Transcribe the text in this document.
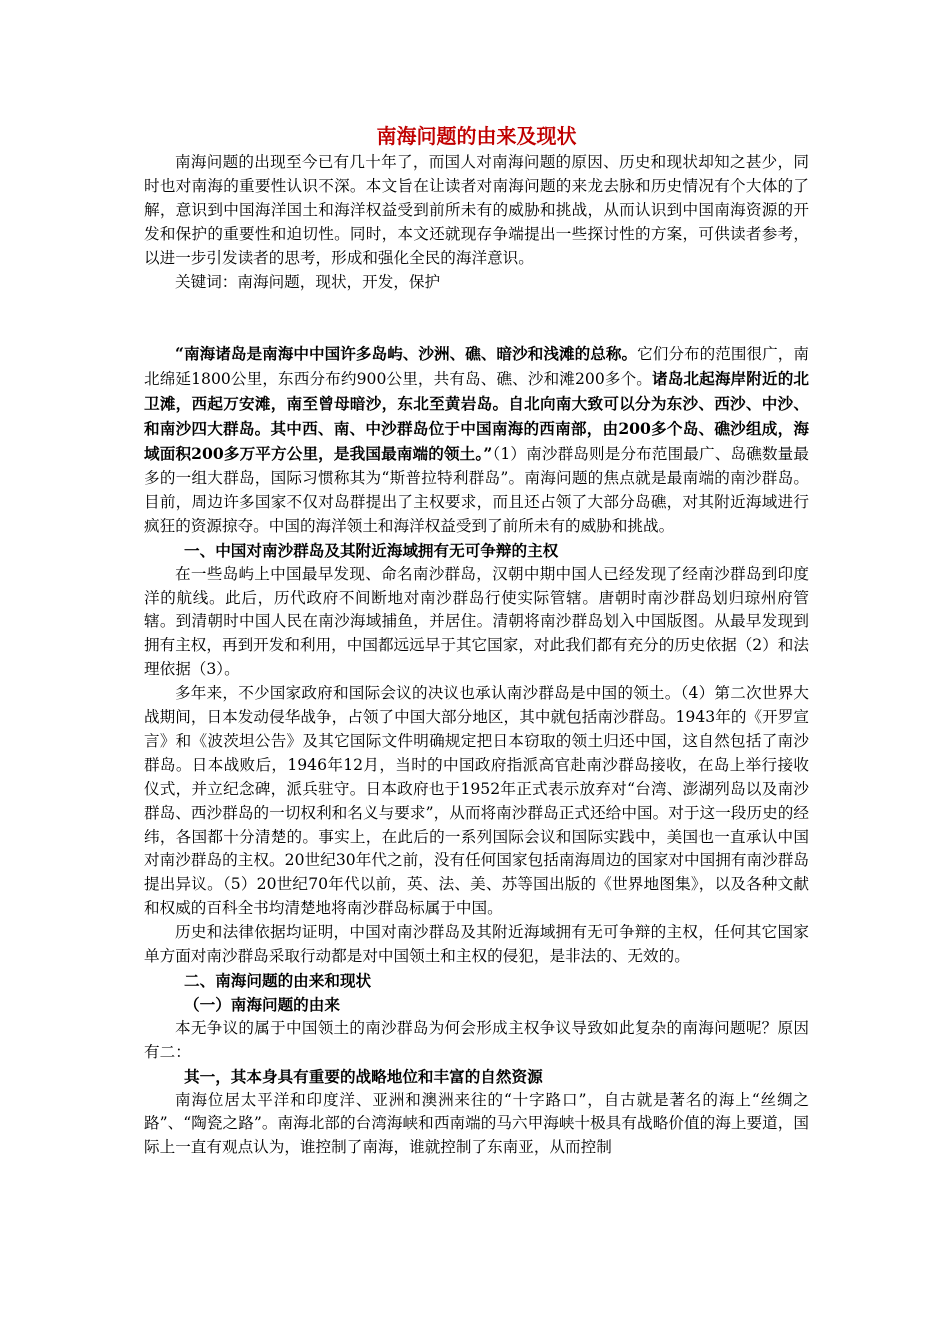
南海问题的由来及现状

南海问题的出现至今已有几十年了，而国人对南海问题的原因、历史和现状却知之甚少，同时也对南海的重要性认识不深。本文旨在让读者对南海问题的来龙去脉和历史情况有个大体的了解，意识到中国海洋国土和海洋权益受到前所未有的威胁和挑战，从而认识到中国南海资源的开发和保护的重要性和迫切性。同时，本文还就现存争端提出一些探讨性的方案，可供读者参考，以进一步引发读者的思考，形成和强化全民的海洋意识。

关键词：南海问题，现状，开发，保护

“南海诸岛是南海中中国许多岛屿、沙洲、礁、暗沙和浅滩的总称。它们分布的范围很广，南北绵延1800公里，东西分布约900公里，共有岛、礁、沙和滩200多个。诸岛北起海岸附近的北卫滩，西起万安滩，南至曾母暗沙，东北至黄岩岛。自北向南大致可以分为东沙、西沙、中沙、和南沙四大群岛。其中西、南、中沙群岛位于中国南海的西南部，由200多个岛、礁沙组成，海域面积200多万平方公里，是我国最南端的领土。”（1）南沙群岛则是分布范围最广、岛礁数量最多的一组大群岛，国际习惯称其为“斯普拉特利群岛”。南海问题的焦点就是最南端的南沙群岛。目前，周边许多国家不仅对岛群提出了主权要求，而且还占领了大部分岛礁，对其附近海域进行疯狂的资源掠夺。中国的海洋领土和海洋权益受到了前所未有的威胁和挑战。

一、中国对南沙群岛及其附近海域拥有无可争辩的主权

在一些岛屿上中国最早发现、命名南沙群岛，汉朝中期中国人已经发现了经南沙群岛到印度洋的航线。此后，历代政府不间断地对南沙群岛行使实际管辖。唐朝时南沙群岛划归琼州府管辖。到清朝时中国人民在南沙海域捕鱼，并居住。清朝将南沙群岛划入中国版图。从最早发现到拥有主权，再到开发和利用，中国都远远早于其它国家，对此我们都有充分的历史依据（2）和法理依据（3）。

多年来，不少国家政府和国际会议的决议也承认南沙群岛是中国的领土。（4）第二次世界大战期间，日本发动侵华战争，占领了中国大部分地区，其中就包括南沙群岛。1943年的《开罗宣言》和《波茨坦公告》及其它国际文件明确规定把日本窃取的领土归还中国，这自然包括了南沙群岛。日本战败后，1946年12月，当时的中国政府指派高官赴南沙群岛接收，在岛上举行接收仪式，并立纪念碑，派兵驻守。日本政府也于1952年正式表示放弃对“台湾、澎湖列岛以及南沙群岛、西沙群岛的一切权利和名义与要求”，从而将南沙群岛正式还给中国。对于这一段历史的经纬，各国都十分清楚的。事实上，在此后的一系列国际会议和国际实践中，美国也一直承认中国对南沙群岛的主权。20世纪30年代之前，没有任何国家包括南海周边的国家对中国拥有南沙群岛提出异议。（5）20世纪70年代以前，英、法、美、苏等国出版的《世界地图集》，以及各种文献和权威的百科全书均清楚地将南沙群岛标属于中国。

历史和法律依据均证明，中国对南沙群岛及其附近海域拥有无可争辩的主权，任何其它国家单方面对南沙群岛采取行动都是对中国领土和主权的侵犯，是非法的、无效的。

二、南海问题的由来和现状

（一）南海问题的由来

本无争议的属于中国领土的南沙群岛为何会形成主权争议导致如此复杂的南海问题呢？原因有二：

其一，其本身具有重要的战略地位和丰富的自然资源

南海位居太平洋和印度洋、亚洲和澳洲来往的“十字路口”，自古就是著名的海上“丝绸之路”、“陶瓷之路”。南海北部的台湾海峡和西南端的马六甲海峡十极具有战略价值的海上要道，国际上一直有观点认为，谁控制了南海，谁就控制了东南亚，从而控制
